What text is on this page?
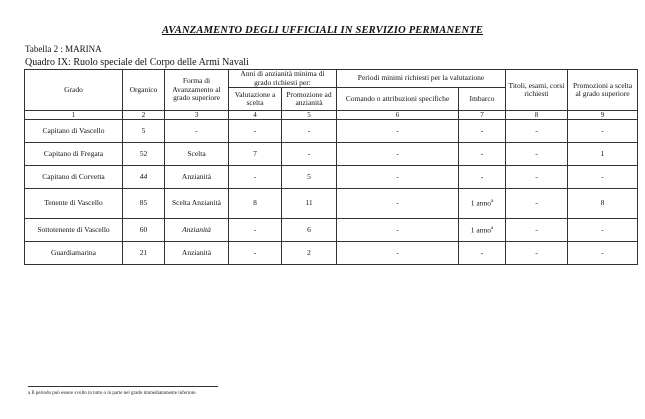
AVANZAMENTO DEGLI UFFICIALI IN SERVIZIO PERMANENTE
Tabella 2 : MARINA
Quadro IX: Ruolo speciale del Corpo delle Armi Navali
Grado	Organico	Forma di Avanzamento al grado superiore	Anni di anzianità minima di grado richiesti per:		Periodi minimi richiesti per la valutazione		Titoli, esami, corsi richiesti	Promozioni a scelta al grado superiore
			Valutazione a scelta	Promozione ad anzianità	Comando o attribuzioni specifiche	Imbarco		
1	2	3	4	5	6	7	8	9
Capitano di Vascello	5	-	-	-	-	-	-	-
Capitano di Fregata	52	Scelta	7	-	-	-	-	1
Capitano di Corvetta	44	Anzianità	-	5	-	-	-	-
Tenente di Vascello	85	Scelta Anzianità	8	11	-	1 anno$^a$	-	8
Sottotenente di Vascello	60	Anzianità	-	6	-	1 anno$^a$	-	-
Guardiamarina	21	Anzianità	-	2	-	-	-	-
a Il periodo può essere svolto in tutto o in parte nel grado immediatamente inferiore.
